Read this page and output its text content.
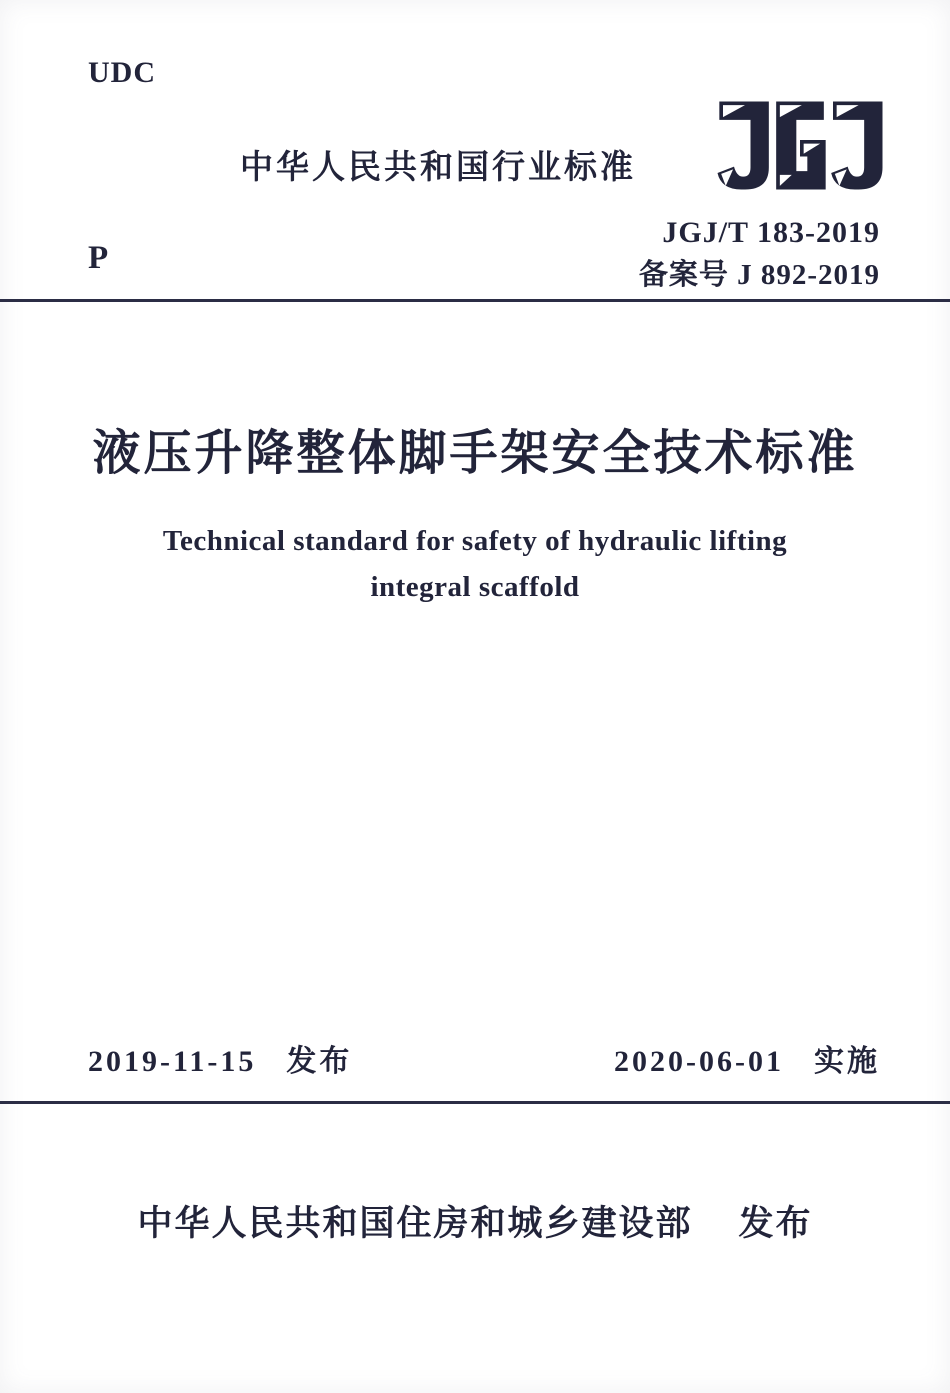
UDC
中华人民共和国行业标准
JGJ/T 183-2019
备案号 J 892-2019
P
液压升降整体脚手架安全技术标准
Technical standard for safety of hydraulic lifting
integral scaffold
2019-11-15 发布	2020-06-01 实施
中华人民共和国住房和城乡建设部 发布
